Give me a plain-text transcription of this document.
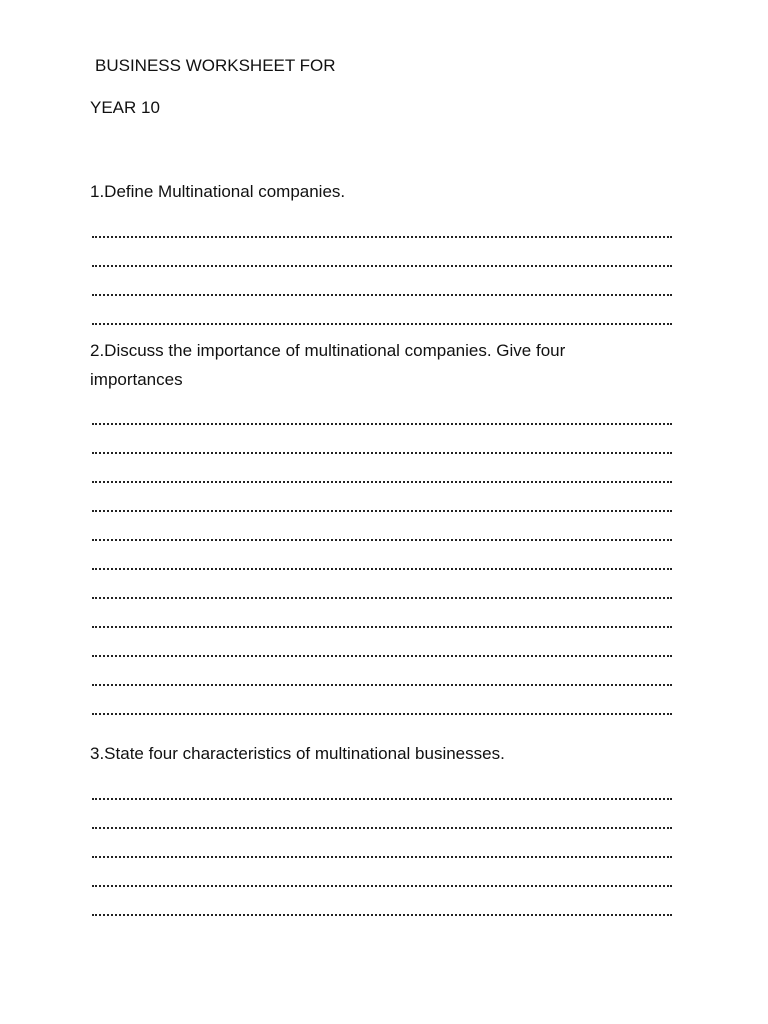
BUSINESS WORKSHEET FOR
YEAR 10
1.Define Multinational companies.
2.Discuss the importance of multinational companies. Give four importances
3.State four characteristics of multinational businesses.
